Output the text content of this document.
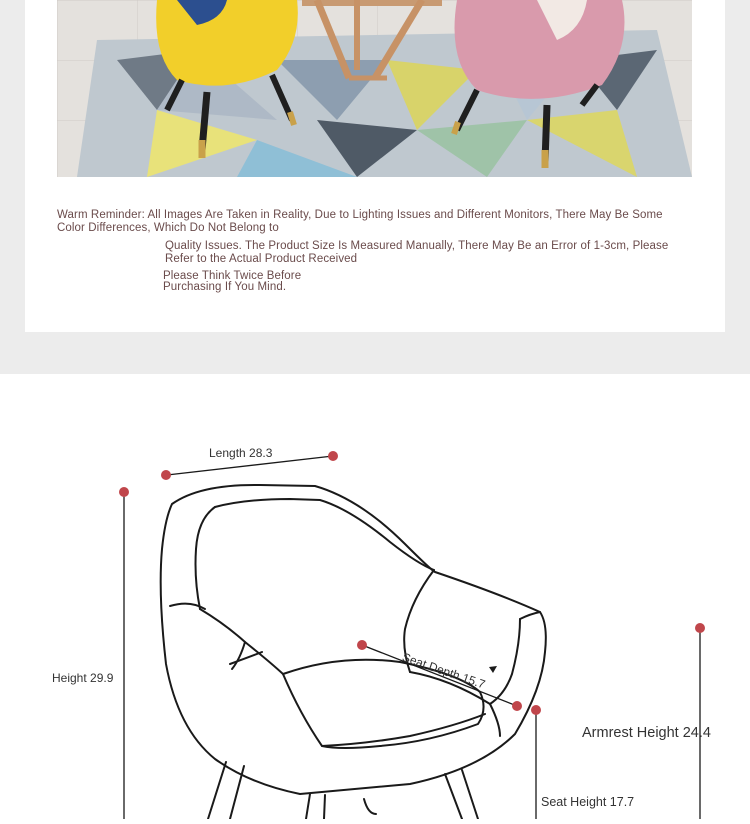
Warm Reminder: All Images Are Taken in Reality, Due to Lighting Issues and Different Monitors, There May Be Some
Color Differences, Which Do Not Belong to
Quality Issues. The Product Size Is Measured Manually, There May Be an Error of 1-3cm, Please
Refer to the Actual Product Received
Please Think Twice Before
Purchasing If You Mind.
Length 28.3
Height 29.9	Seat Depth 15.7
Armrest Height 24.4
Seat Height 17.7
